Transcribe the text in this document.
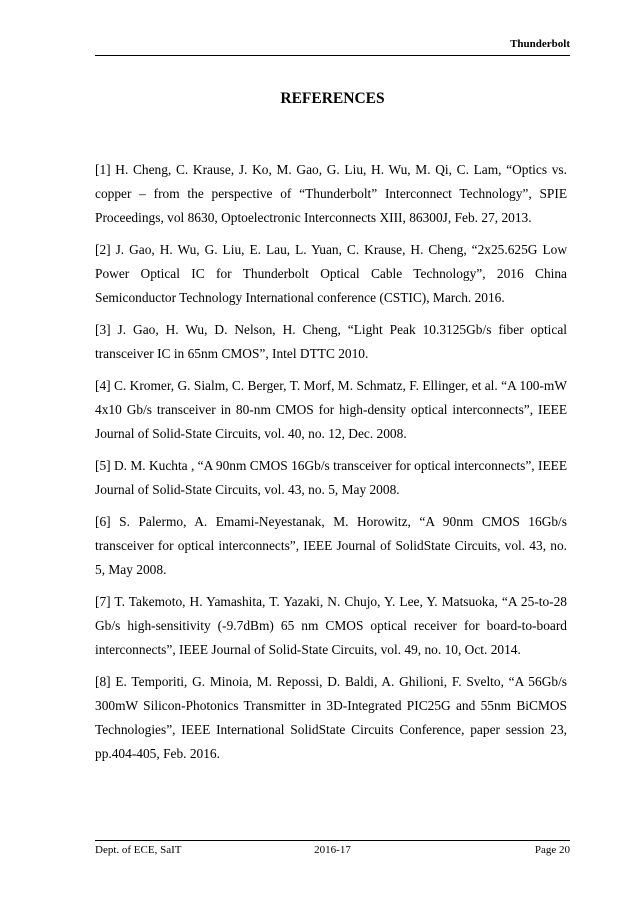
Thunderbolt
REFERENCES

[1] H. Cheng, C. Krause, J. Ko, M. Gao, G. Liu, H. Wu, M. Qi, C. Lam, “Optics vs. copper – from the perspective of “Thunderbolt” Interconnect Technology”, SPIE Proceedings, vol 8630, Optoelectronic Interconnects XIII, 86300J, Feb. 27, 2013.

[2] J. Gao, H. Wu, G. Liu, E. Lau, L. Yuan, C. Krause, H. Cheng, “2x25.625G Low Power Optical IC for Thunderbolt Optical Cable Technology”, 2016 China Semiconductor Technology International conference (CSTIC), March. 2016.

[3] J. Gao, H. Wu, D. Nelson, H. Cheng, “Light Peak 10.3125Gb/s fiber optical transceiver IC in 65nm CMOS”, Intel DTTC 2010.

[4] C. Kromer, G. Sialm, C. Berger, T. Morf, M. Schmatz, F. Ellinger, et al. “A 100-mW 4x10 Gb/s transceiver in 80-nm CMOS for high-density optical interconnects”, IEEE Journal of Solid-State Circuits, vol. 40, no. 12, Dec. 2008.

[5] D. M. Kuchta , “A 90nm CMOS 16Gb/s transceiver for optical interconnects”, IEEE Journal of Solid-State Circuits, vol. 43, no. 5, May 2008.

[6] S. Palermo, A. Emami-Neyestanak, M. Horowitz, “A 90nm CMOS 16Gb/s transceiver for optical interconnects”, IEEE Journal of SolidState Circuits, vol. 43, no. 5, May 2008.

[7] T. Takemoto, H. Yamashita, T. Yazaki, N. Chujo, Y. Lee, Y. Matsuoka, “A 25-to-28 Gb/s high-sensitivity (-9.7dBm) 65 nm CMOS optical receiver for board-to-board interconnects”, IEEE Journal of Solid-State Circuits, vol. 49, no. 10, Oct. 2014.

[8] E. Temporiti, G. Minoia, M. Repossi, D. Baldi, A. Ghilioni, F. Svelto, “A 56Gb/s 300mW Silicon-Photonics Transmitter in 3D-Integrated PIC25G and 55nm BiCMOS Technologies”, IEEE International SolidState Circuits Conference, paper session 23, pp.404-405, Feb. 2016.

Dept. of ECE, SaIT	2016-17	Page 20
